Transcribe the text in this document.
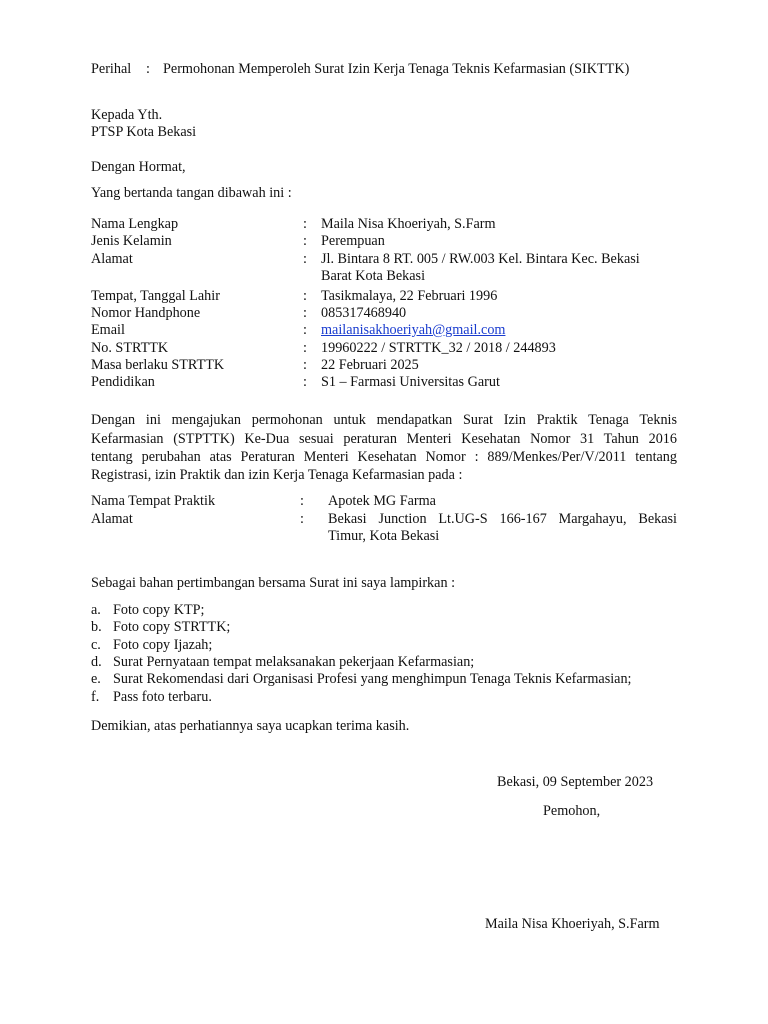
Perihal : Permohonan Memperoleh Surat Izin Kerja Tenaga Teknis Kefarmasian (SIKTTK)
Kepada Yth.
PTSP Kota Bekasi
Dengan Hormat,
Yang bertanda tangan dibawah ini :
Nama Lengkap	: Maila Nisa Khoeriyah, S.Farm
Jenis Kelamin	: Perempuan
Alamat	: Jl. Bintara 8 RT. 005 / RW.003 Kel. Bintara Kec. Bekasi
Barat Kota Bekasi
Tempat, Tanggal Lahir	: Tasikmalaya, 22 Februari 1996
Nomor Handphone	: 085317468940
Email	: mailanisakhoeriyah@gmail.com
No. STRTTK	: 19960222 / STRTTK_32 / 2018 / 244893
Masa berlaku STRTTK	: 22 Februari 2025
Pendidikan	: S1 – Farmasi Universitas Garut
Dengan ini mengajukan permohonan untuk mendapatkan Surat Izin Praktik Tenaga Teknis
Kefarmasian (STPTTK) Ke-Dua sesuai peraturan Menteri Kesehatan Nomor 31 Tahun 2016
tentang perubahan atas Peraturan Menteri Kesehatan Nomor : 889/Menkes/Per/V/2011 tentang
Registrasi, izin Praktik dan izin Kerja Tenaga Kefarmasian pada :
Nama Tempat Praktik	: Apotek MG Farma
Alamat	: Bekasi Junction Lt.UG-S 166-167 Margahayu, Bekasi
Timur, Kota Bekasi
Sebagai bahan pertimbangan bersama Surat ini saya lampirkan :
a. Foto copy KTP;
b. Foto copy STRTTK;
c. Foto copy Ijazah;
d. Surat Pernyataan tempat melaksanakan pekerjaan Kefarmasian;
e. Surat Rekomendasi dari Organisasi Profesi yang menghimpun Tenaga Teknis Kefarmasian;
f. Pass foto terbaru.
Demikian, atas perhatiannya saya ucapkan terima kasih.
Bekasi, 09 September 2023
Pemohon,
Maila Nisa Khoeriyah, S.Farm
